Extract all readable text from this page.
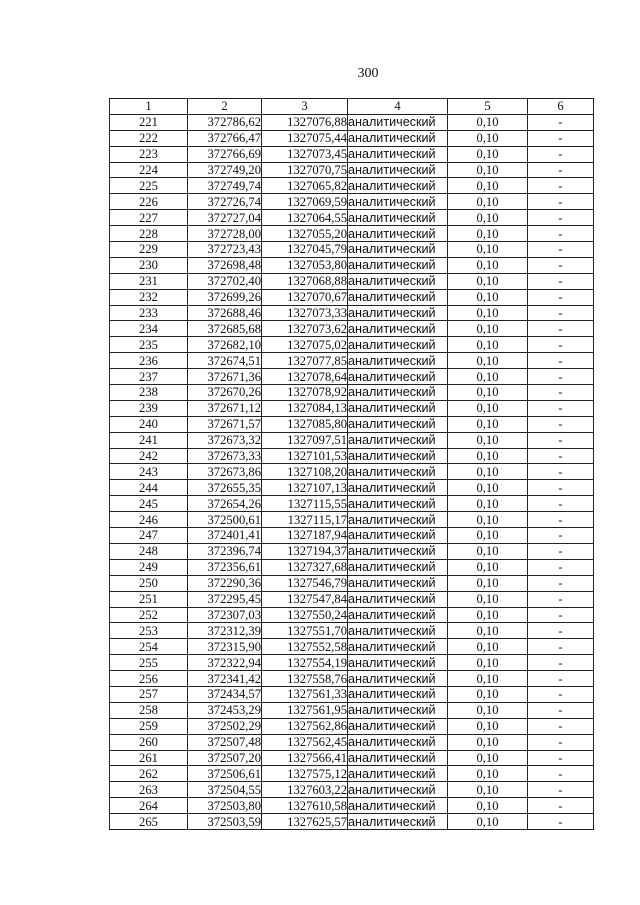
300
1	2	3	4	5	6
221	372786,62	1327076,88	аналитический	0,10	-
222	372766,47	1327075,44	аналитический	0,10	-
223	372766,69	1327073,45	аналитический	0,10	-
224	372749,20	1327070,75	аналитический	0,10	-
225	372749,74	1327065,82	аналитический	0,10	-
226	372726,74	1327069,59	аналитический	0,10	-
227	372727,04	1327064,55	аналитический	0,10	-
228	372728,00	1327055,20	аналитический	0,10	-
229	372723,43	1327045,79	аналитический	0,10	-
230	372698,48	1327053,80	аналитический	0,10	-
231	372702,40	1327068,88	аналитический	0,10	-
232	372699,26	1327070,67	аналитический	0,10	-
233	372688,46	1327073,33	аналитический	0,10	-
234	372685,68	1327073,62	аналитический	0,10	-
235	372682,10	1327075,02	аналитический	0,10	-
236	372674,51	1327077,85	аналитический	0,10	-
237	372671,36	1327078,64	аналитический	0,10	-
238	372670,26	1327078,92	аналитический	0,10	-
239	372671,12	1327084,13	аналитический	0,10	-
240	372671,57	1327085,80	аналитический	0,10	-
241	372673,32	1327097,51	аналитический	0,10	-
242	372673,33	1327101,53	аналитический	0,10	-
243	372673,86	1327108,20	аналитический	0,10	-
244	372655,35	1327107,13	аналитический	0,10	-
245	372654,26	1327115,55	аналитический	0,10	-
246	372500,61	1327115,17	аналитический	0,10	-
247	372401,41	1327187,94	аналитический	0,10	-
248	372396,74	1327194,37	аналитический	0,10	-
249	372356,61	1327327,68	аналитический	0,10	-
250	372290,36	1327546,79	аналитический	0,10	-
251	372295,45	1327547,84	аналитический	0,10	-
252	372307,03	1327550,24	аналитический	0,10	-
253	372312,39	1327551,70	аналитический	0,10	-
254	372315,90	1327552,58	аналитический	0,10	-
255	372322,94	1327554,19	аналитический	0,10	-
256	372341,42	1327558,76	аналитический	0,10	-
257	372434,57	1327561,33	аналитический	0,10	-
258	372453,29	1327561,95	аналитический	0,10	-
259	372502,29	1327562,86	аналитический	0,10	-
260	372507,48	1327562,45	аналитический	0,10	-
261	372507,20	1327566,41	аналитический	0,10	-
262	372506,61	1327575,12	аналитический	0,10	-
263	372504,55	1327603,22	аналитический	0,10	-
264	372503,80	1327610,58	аналитический	0,10	-
265	372503,59	1327625,57	аналитический	0,10	-
